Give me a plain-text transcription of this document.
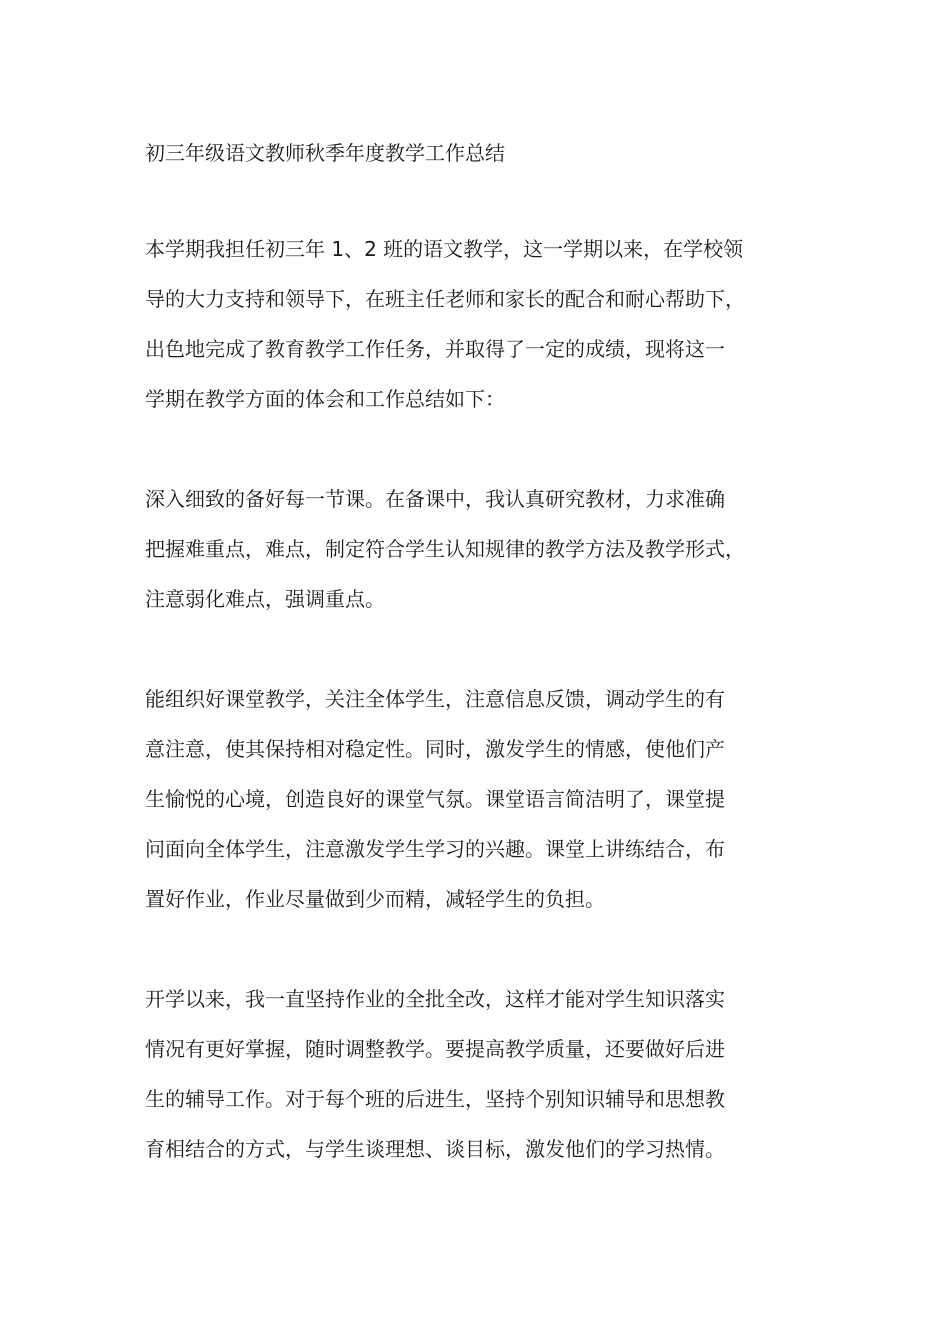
初三年级语文教师秋季年度教学工作总结
本学期我担任初三年 1、2 班的语文教学，这一学期以来，在学校领
导的大力支持和领导下，在班主任老师和家长的配合和耐心帮助下，
出色地完成了教育教学工作任务，并取得了一定的成绩，现将这一
学期在教学方面的体会和工作总结如下：
深入细致的备好每一节课。在备课中，我认真研究教材，力求准确
把握难重点，难点，制定符合学生认知规律的教学方法及教学形式，
注意弱化难点，强调重点。
能组织好课堂教学，关注全体学生，注意信息反馈，调动学生的有
意注意，使其保持相对稳定性。同时，激发学生的情感，使他们产
生愉悦的心境，创造良好的课堂气氛。课堂语言简洁明了，课堂提
问面向全体学生，注意激发学生学习的兴趣。课堂上讲练结合，布
置好作业，作业尽量做到少而精，减轻学生的负担。
开学以来，我一直坚持作业的全批全改，这样才能对学生知识落实
情况有更好掌握，随时调整教学。要提高教学质量，还要做好后进
生的辅导工作。对于每个班的后进生，坚持个别知识辅导和思想教
育相结合的方式，与学生谈理想、谈目标，激发他们的学习热情。
